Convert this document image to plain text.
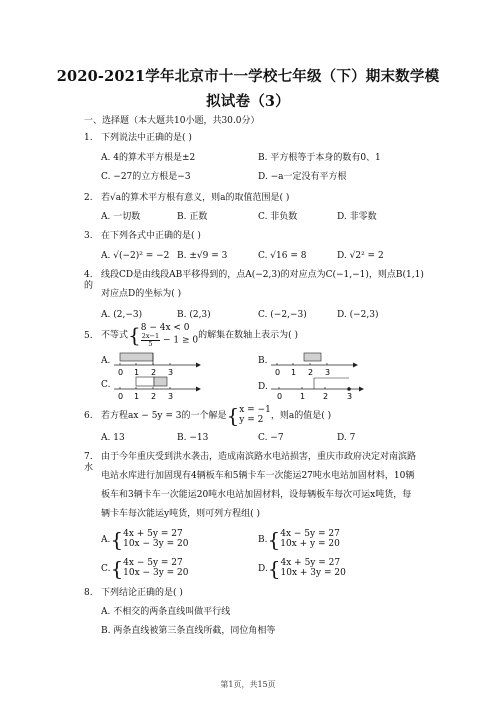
2020-2021学年北京市十一学校七年级（下）期末数学模
拟试卷（3）
一、选择题（本大题共10小题，共30.0分）
1. 下列说法中正确的是( )
A. 4的算术平方根是±2	B. 平方根等于本身的数有0、1
C. −27的立方根是−3	D. −a一定没有平方根
2. 若√a的算术平方根有意义，则a的取值范围是( )
A. 一切数	B. 正数	C. 非负数	D. 非零数
3. 在下列各式中正确的是( )
A. √(−2)² = −2 B. ±√9 = 3	C. √16 = 8	D. √2² = 2
4. 线段CD是由线段AB平移得到的，点A(−2,3)的对应点为C(−1,−1)，则点B(1,1)的
对应点D的坐标为( )
A. (2,−3)	B. (2,3)	C. (−2,−3)	D. (−2,3)
5. 不等式{ 8 − 4x < 0
$\frac{2x-1}{5} - 1 \ge 0$
的解集在数轴上表示为( )
A.
0 1 2 3
B.
0 1 2 3
C.
0 1 2 3
D.
0 1 2 3
6. 若方程ax − 5y = 3的一个解是{ x = −1
y = 2 ，则a的值是( )
A. 13	B. −13	C. −7	D. 7
7. 由于今年重庆受到洪水袭击，造成南滨路水电站损害，重庆市政府决定对南滨路水
电站水库进行加固现有4辆板车和5辆卡车一次能运27吨水电站加固材料，10辆
板车和3辆卡车一次能运20吨水电站加固材料，设每辆板车每次可运x吨货，每
辆卡车每次能运y吨货，则可列方程组( )
A.{ 4x + 5y = 27
10x − 3y = 20	B.{ 4x − 5y = 27
10x + y = 20
C.{ 4x − 5y = 27
10x − 3y = 20	D.{ 4x + 5y = 27
10x + 3y = 20
8. 下列结论正确的是( )
A. 不相交的两条直线叫做平行线
B. 两条直线被第三条直线所截，同位角相等
第1页，共15页
